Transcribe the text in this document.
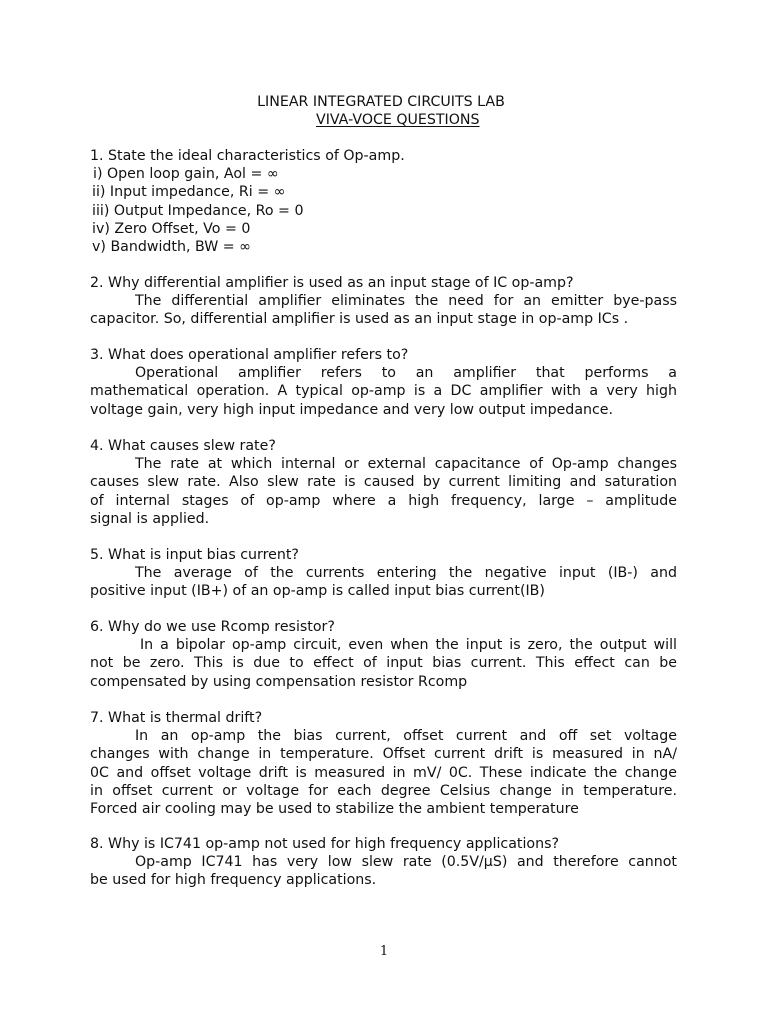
LINEAR INTEGRATED CIRCUITS LAB
VIVA-VOCE QUESTIONS
1. State the ideal characteristics of Op-amp.
i) Open loop gain, Aol = ∞
ii) Input impedance, Ri = ∞
iii) Output Impedance, Ro = 0
iv) Zero Offset, Vo = 0
v) Bandwidth, BW = ∞
2. Why differential amplifier is used as an input stage of IC op-amp?
The differential amplifier eliminates the need for an emitter bye-pass
capacitor. So, differential amplifier is used as an input stage in op-amp ICs .
3. What does operational amplifier refers to?
Operational amplifier refers to an amplifier that performs a
mathematical operation. A typical op-amp is a DC amplifier with a very high
voltage gain, very high input impedance and very low output impedance.
4. What causes slew rate?
The rate at which internal or external capacitance of Op-amp changes
causes slew rate. Also slew rate is caused by current limiting and saturation
of internal stages of op-amp where a high frequency, large – amplitude
signal is applied.
5. What is input bias current?
The average of the currents entering the negative input (IB-) and
positive input (IB+) of an op-amp is called input bias current(IB)
6. Why do we use Rcomp resistor?
In a bipolar op-amp circuit, even when the input is zero, the output will
not be zero. This is due to effect of input bias current. This effect can be
compensated by using compensation resistor Rcomp
7. What is thermal drift?
In an op-amp the bias current, offset current and off set voltage
changes with change in temperature. Offset current drift is measured in nA/
0C and offset voltage drift is measured in mV/ 0C. These indicate the change
in offset current or voltage for each degree Celsius change in temperature.
Forced air cooling may be used to stabilize the ambient temperature
8. Why is IC741 op-amp not used for high frequency applications?
Op-amp IC741 has very low slew rate (0.5V/µS) and therefore cannot
be used for high frequency applications.
1
